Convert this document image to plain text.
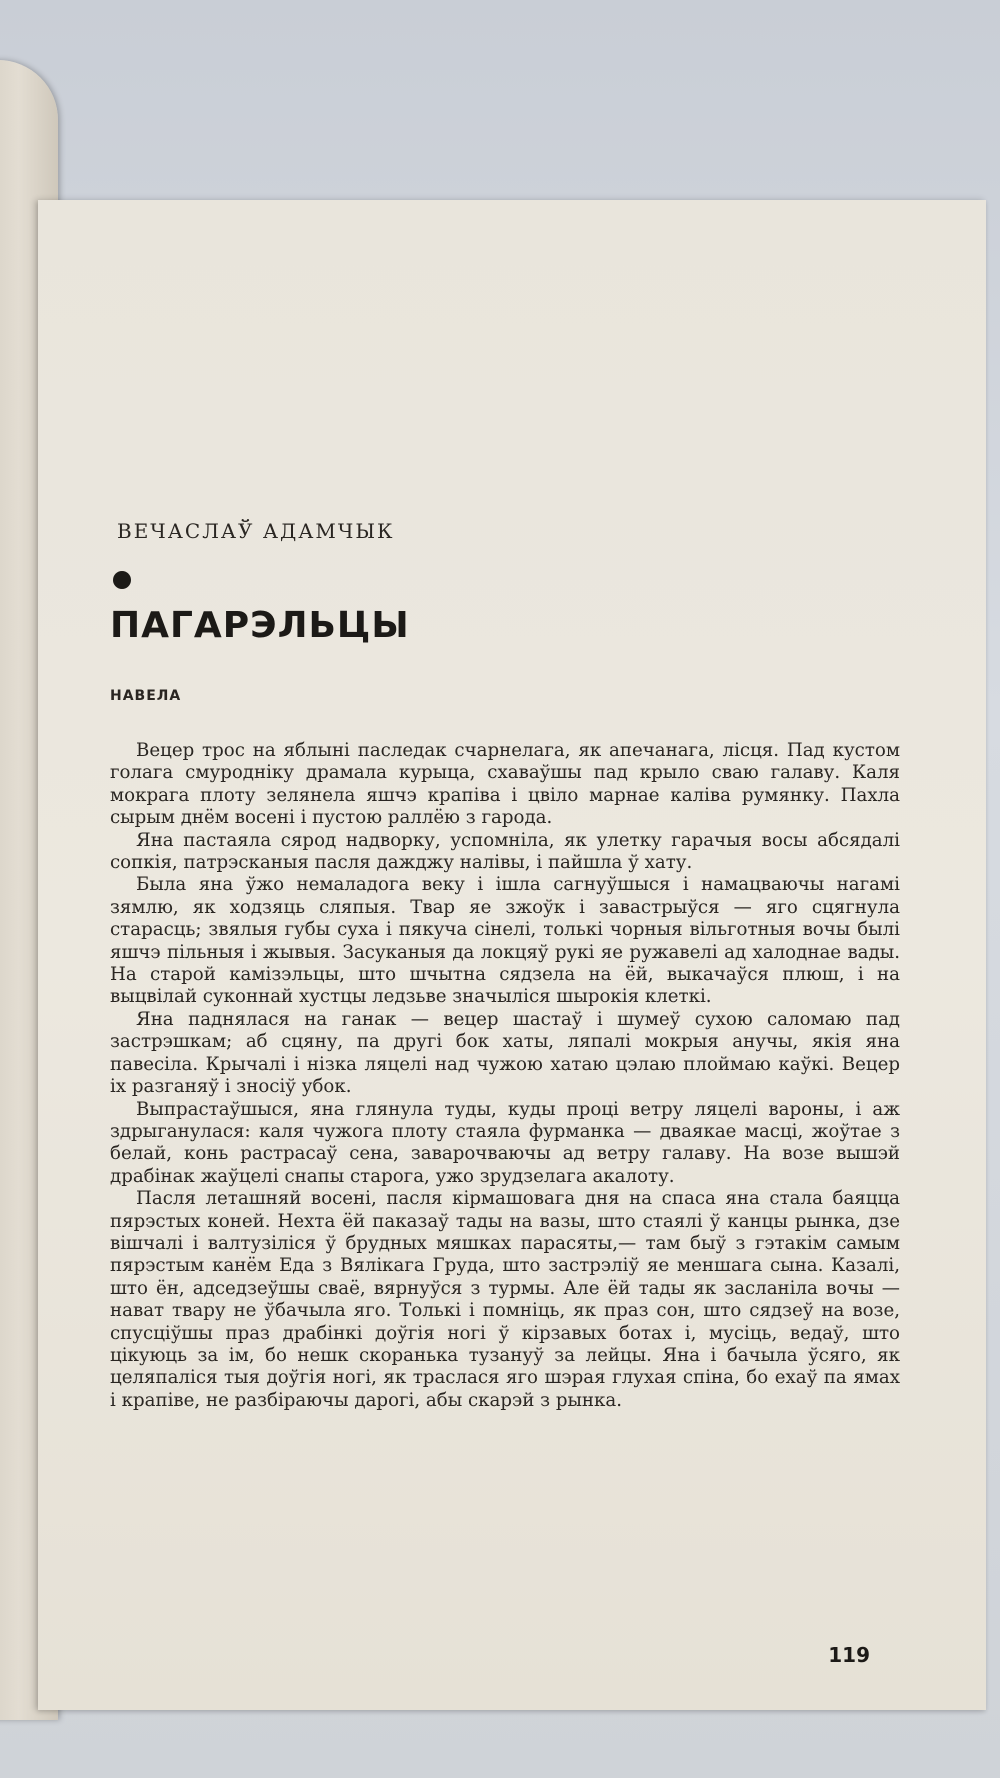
ВЕЧАСЛАЎ АДАМЧЫК
ПАГАРЭЛЬЦЫ
НАВЕЛА

Вецер трос на яблыні паследак счарнелага, як апечанага, лісця. Пад кустом голага смуродніку драмала курыца, схаваўшы пад крыло сваю галаву. Каля мокрага плоту зелянела яшчэ крапіва і цвіло марнае каліва румянку. Пахла сырым днём восені і пустою раллёю з гарода.

Яна пастаяла сярод надворку, успомніла, як улетку гарачыя восы абсядалі сопкія, патрэсканыя пасля дажджу налівы, і пайшла ў хату.

Была яна ўжо немаладога веку і ішла сагнуўшыся і намацваючы нагамі зямлю, як ходзяць сляпыя. Твар яе зжоўк і завастрыўся — яго сцягнула старасць; звялыя губы суха і пякуча сінелі, толькі чорныя вільготныя вочы былі яшчэ пільныя і жывыя. Засуканыя да локцяў рукі яе ружавелі ад халоднае вады. На старой камізэльцы, што шчытна сядзела на ёй, выкачаўся плюш, і на выцвілай суконнай хустцы ледзьве значыліся шырокія клеткі.

Яна паднялася на ганак — вецер шастаў і шумеў сухою саломаю пад застрэшкам; аб сцяну, па другі бок хаты, ляпалі мокрыя анучы, якія яна павесіла. Крычалі і нізка ляцелі над чужою хатаю цэлаю плоймаю каўкі. Вецер іх разганяў і зносіў убок.

Выпрастаўшыся, яна глянула туды, куды проці ветру ляцелі вароны, і аж здрыганулася: каля чужога плоту стаяла фурманка — дваякае масці, жоўтае з белай, конь растрасаў сена, заварочваючы ад ветру галаву. На возе вышэй драбінак жаўцелі снапы старога, ужо зрудзелага акалоту.

Пасля леташняй восені, пасля кірмашовага дня на спаса яна стала баяцца пярэстых коней. Нехта ёй паказаў тады на вазы, што стаялі ў канцы рынка, дзе вішчалі і валтузіліся ў брудных мяшках парасяты,— там быў з гэтакім самым пярэстым канём Еда з Вялікага Груда, што застрэліў яе меншага сына. Казалі, што ён, адседзеўшы сваё, вярнуўся з турмы. Але ёй тады як засланіла вочы — нават твару не ўбачыла яго. Толькі і помніць, як праз сон, што сядзеў на возе, спусціўшы праз драбінкі доўгія ногі ў кірзавых ботах і, мусіць, ведаў, што цікуюць за ім, бо нешк скоранька тузануў за лейцы. Яна і бачыла ўсяго, як целяпаліся тыя доўгія ногі, як трaслася яго шэрая глухая спіна, бо ехаў па ямах і крапіве, не разбіраючы дарогі, абы скарэй з рынка.

119
